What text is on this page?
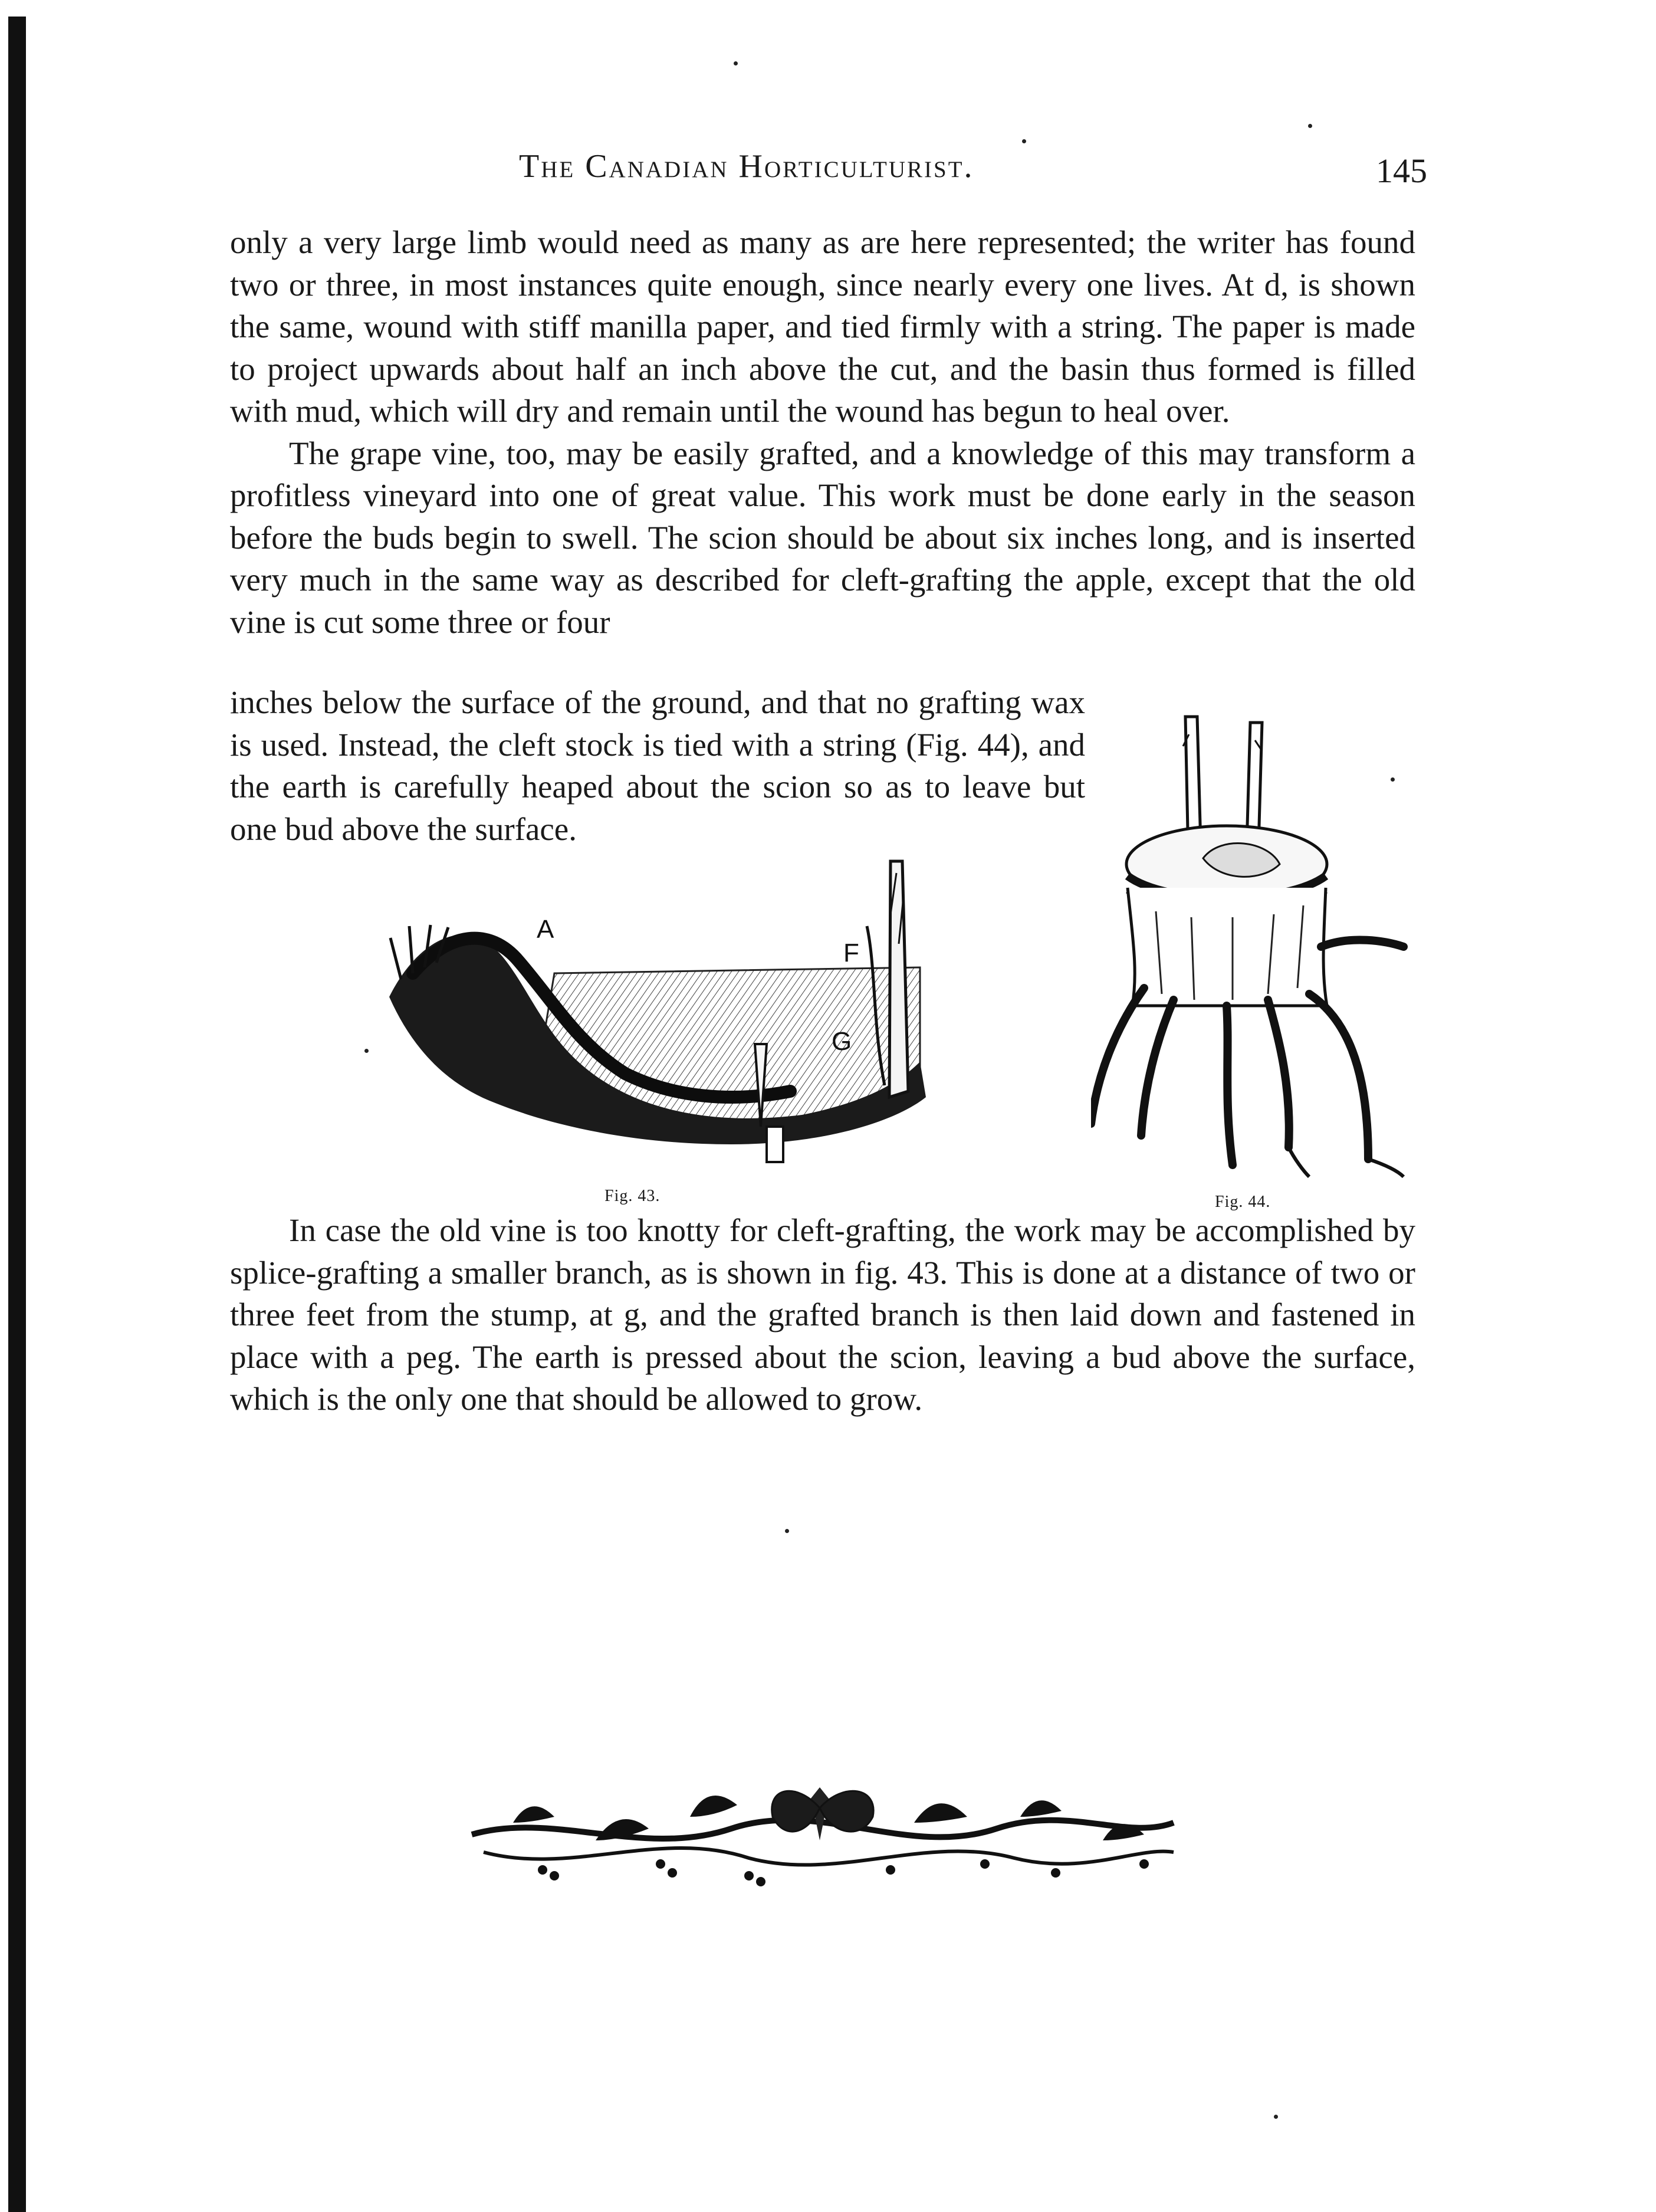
The Canadian Horticulturist.	145

only a very large limb would need as many as are here represented; the writer has found two or three, in most instances quite enough, since nearly every one lives. At d, is shown the same, wound with stiff manilla paper, and tied firmly with a string. The paper is made to project upwards about half an inch above the cut, and the basin thus formed is filled with mud, which will dry and remain until the wound has begun to heal over.

The grape vine, too, may be easily grafted, and a knowledge of this may transform a profitless vineyard into one of great value. This work must be done early in the season before the buds begin to swell. The scion should be about six inches long, and is inserted very much in the same way as described for cleft-grafting the apple, except that the old vine is cut some three or four

inches below the surface of the ground, and that no grafting wax is used. Instead, the cleft stock is tied with a string (Fig. 44), and the earth is carefully heaped about the scion so as to leave but one bud above the surface.

A
F
G
Fig. 43.	Fig. 44.

In case the old vine is too knotty for cleft-grafting, the work may be accomplished by splice-grafting a smaller branch, as is shown in fig. 43. This is done at a distance of two or three feet from the stump, at g, and the grafted branch is then laid down and fastened in place with a peg. The earth is pressed about the scion, leaving a bud above the surface, which is the only one that should be allowed to grow.
